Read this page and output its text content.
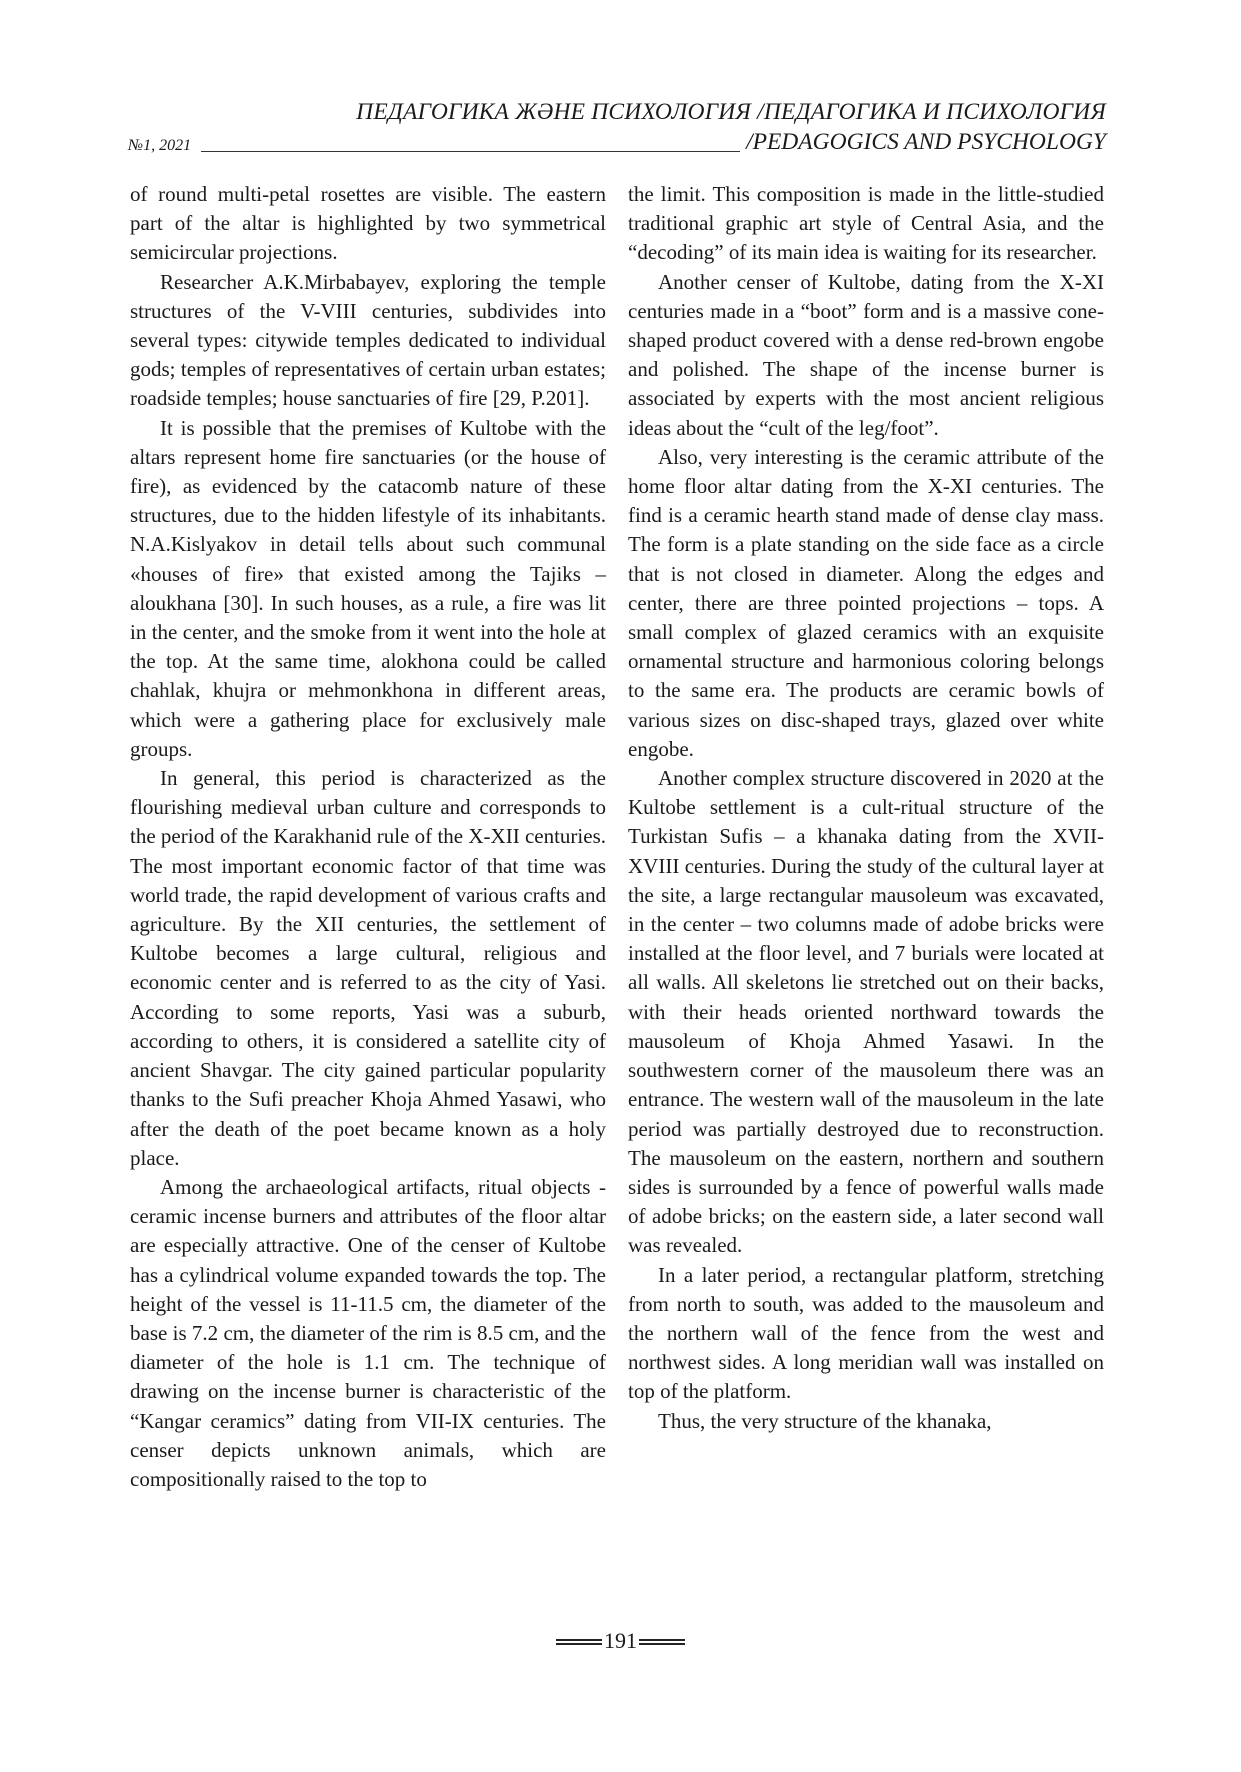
ПЕДАГОГИКА ЖӘНЕ ПСИХОЛОГИЯ /ПЕДАГОГИКА И ПСИХОЛОГИЯ
№1, 2021	/PEDAGOGICS AND PSYCHOLOGY

of round multi-petal rosettes are visible. The eastern part of the altar is highlighted by two symmetrical semicircular projections.

Researcher A.K.Mirbabayev, exploring the temple structures of the V-VIII centuries, subdivides into several types: citywide temples dedicated to individual gods; temples of representatives of certain urban estates; roadside temples; house sanctuaries of fire [29, P.201].

It is possible that the premises of Kultobe with the altars represent home fire sanctuaries (or the house of fire), as evidenced by the catacomb nature of these structures, due to the hidden lifestyle of its inhabitants. N.A.Kislyakov in detail tells about such communal «houses of fire» that existed among the Tajiks – aloukhana [30]. In such houses, as a rule, a fire was lit in the center, and the smoke from it went into the hole at the top. At the same time, alokhona could be called chahlak, khujra or mehmonkhona in different areas, which were a gathering place for exclusively male groups.

In general, this period is characterized as the flourishing medieval urban culture and corresponds to the period of the Karakhanid rule of the X-XII centuries. The most important economic factor of that time was world trade, the rapid development of various crafts and agriculture. By the XII centuries, the settlement of Kultobe becomes a large cultural, religious and economic center and is referred to as the city of Yasi. According to some reports, Yasi was a suburb, according to others, it is considered a satellite city of ancient Shavgar. The city gained particular popularity thanks to the Sufi preacher Khoja Ahmed Yasawi, who after the death of the poet became known as a holy place.

Among the archaeological artifacts, ritual objects - ceramic incense burners and attributes of the floor altar are especially attractive. One of the censer of Kultobe has a cylindrical volume expanded towards the top. The height of the vessel is 11-11.5 cm, the diameter of the base is 7.2 cm, the diameter of the rim is 8.5 cm, and the diameter of the hole is 1.1 cm. The technique of drawing on the incense burner is characteristic of the “Kangar ceramics” dating from VII-IX centuries. The censer depicts unknown animals, which are compositionally raised to the top to

the limit. This composition is made in the little-studied traditional graphic art style of Central Asia, and the “decoding” of its main idea is waiting for its researcher.

Another censer of Kultobe, dating from the X-XI centuries made in a “boot” form and is a massive cone-shaped product covered with a dense red-brown engobe and polished. The shape of the incense burner is associated by experts with the most ancient religious ideas about the “cult of the leg/foot”.

Also, very interesting is the ceramic attribute of the home floor altar dating from the X-XI centuries. The find is a ceramic hearth stand made of dense clay mass. The form is a plate standing on the side face as a circle that is not closed in diameter. Along the edges and center, there are three pointed projections – tops. A small complex of glazed ceramics with an exquisite ornamental structure and harmonious coloring belongs to the same era. The products are ceramic bowls of various sizes on disc-shaped trays, glazed over white engobe.

Another complex structure discovered in 2020 at the Kultobe settlement is a cult-ritual structure of the Turkistan Sufis – a khanaka dating from the XVII-XVIII centuries. During the study of the cultural layer at the site, a large rectangular mausoleum was excavated, in the center – two columns made of adobe bricks were installed at the floor level, and 7 burials were located at all walls. All skeletons lie stretched out on their backs, with their heads oriented northward towards the mausoleum of Khoja Ahmed Yasawi. In the southwestern corner of the mausoleum there was an entrance. The western wall of the mausoleum in the late period was partially destroyed due to reconstruction. The mausoleum on the eastern, northern and southern sides is surrounded by a fence of powerful walls made of adobe bricks; on the eastern side, a later second wall was revealed.

In a later period, a rectangular platform, stretching from north to south, was added to the mausoleum and the northern wall of the fence from the west and northwest sides. A long meridian wall was installed on top of the platform.

Thus, the very structure of the khanaka,

191
